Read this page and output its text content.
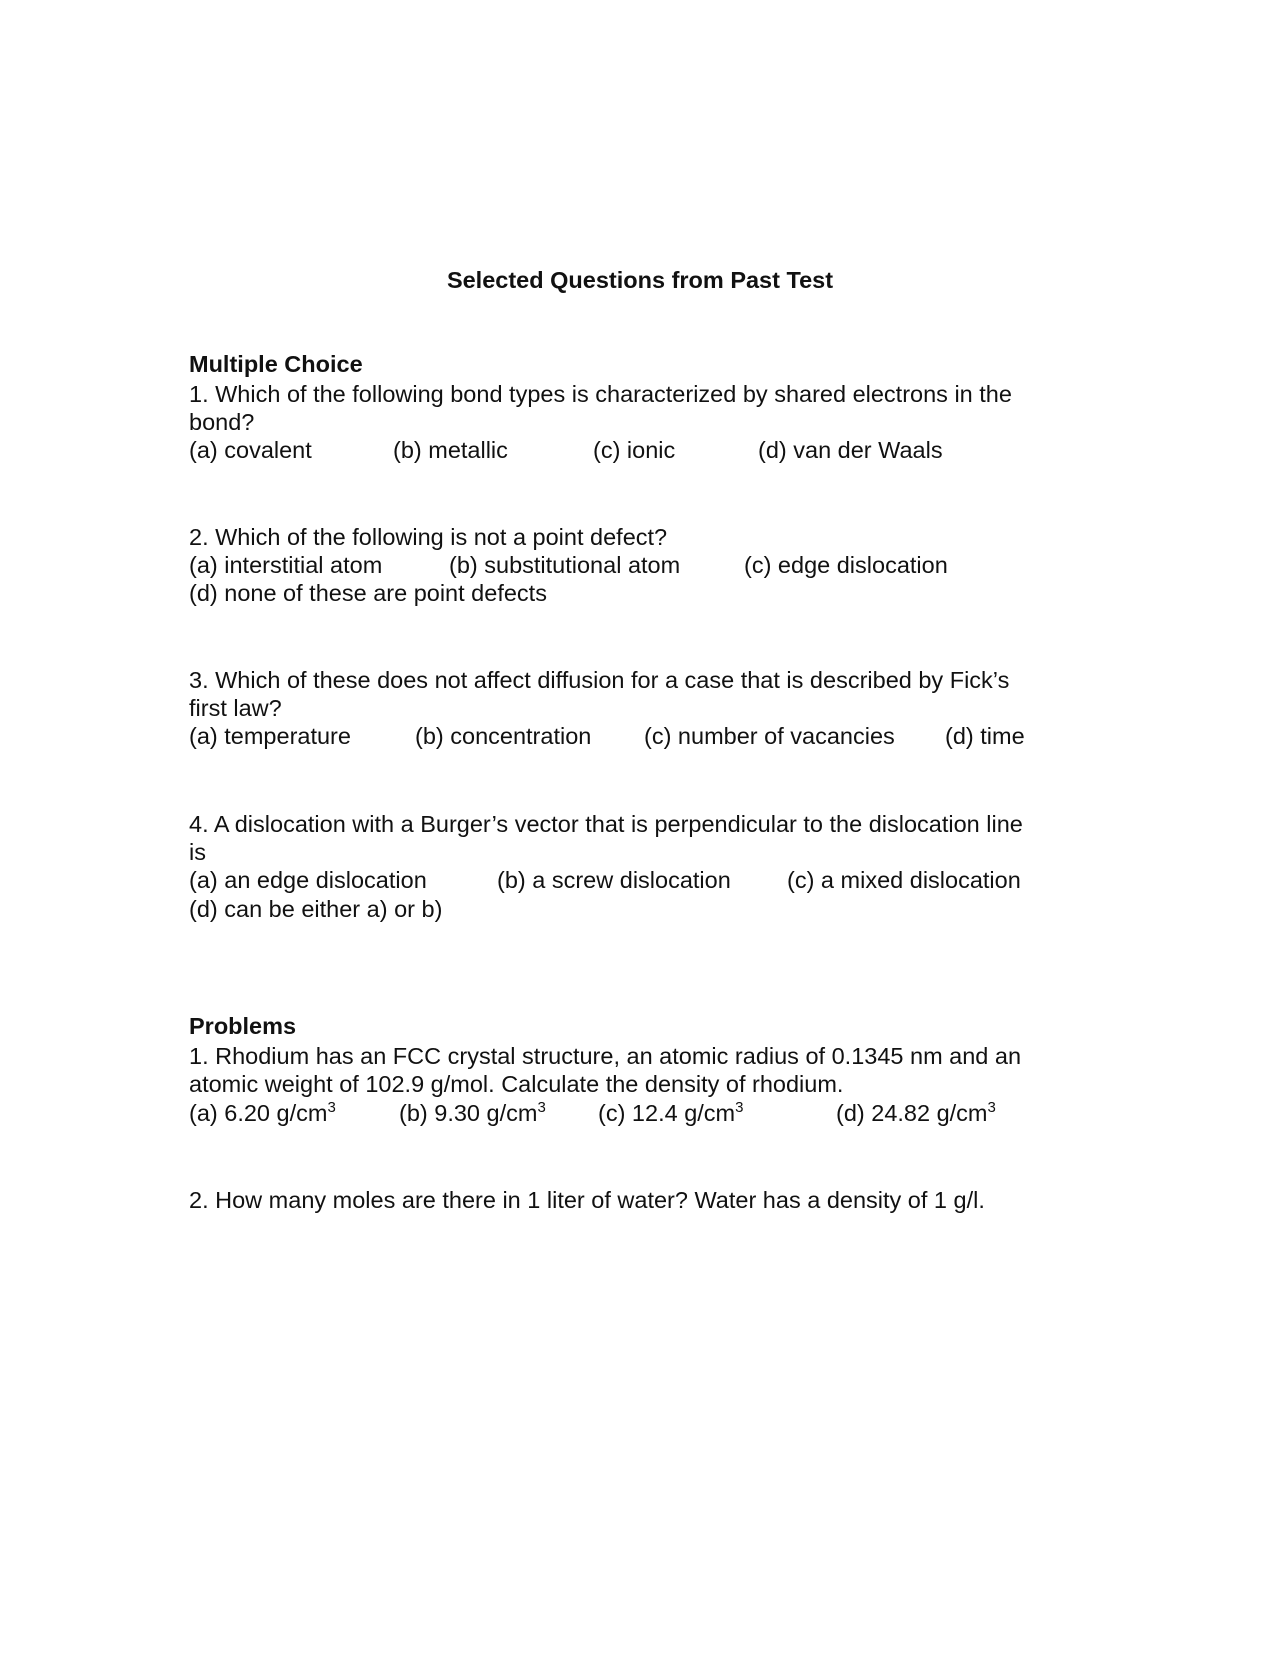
Selected Questions from Past Test
Multiple Choice
1. Which of the following bond types is characterized by shared electrons in the
bond?
(a) covalent	(b) metallic	(c) ionic	(d) van der Waals
2. Which of the following is not a point defect?
(a) interstitial atom	(b) substitutional atom	(c) edge dislocation
(d) none of these are point defects
3. Which of these does not affect diffusion for a case that is described by Fick’s
first law?
(a) temperature	(b) concentration (c) number of vacancies (d) time
4. A dislocation with a Burger’s vector that is perpendicular to the dislocation line
is
(a) an edge dislocation	(b) a screw dislocation (c) a mixed dislocation
(d) can be either a) or b)
Problems
1. Rhodium has an FCC crystal structure, an atomic radius of 0.1345 nm and an
atomic weight of 102.9 g/mol. Calculate the density of rhodium.
(a) 6.20 $g/cm^3$	(b) 9.30 $g/cm^3$ (c) 12.4 $g/cm^3$	(d) 24.82 $g/cm^3$
2. How many moles are there in 1 liter of water? Water has a density of 1 g/l.
